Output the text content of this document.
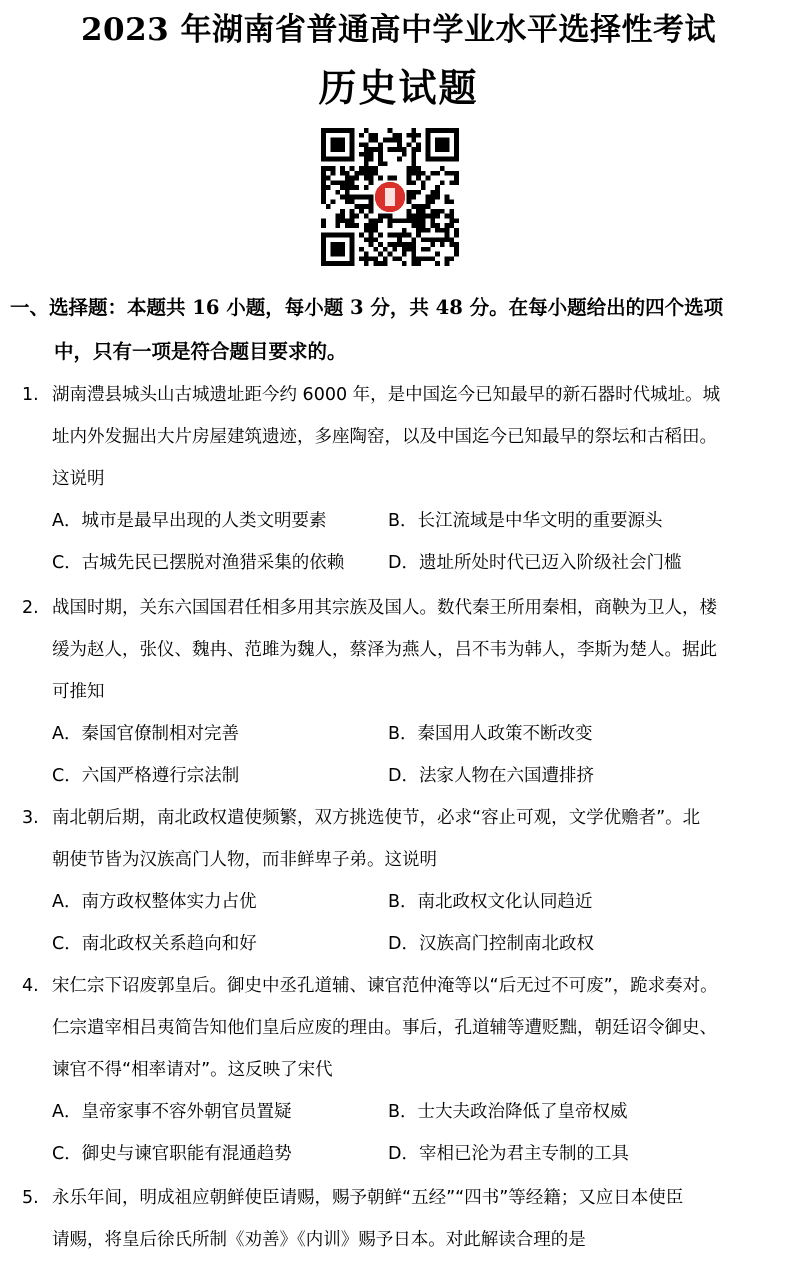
2023 年湖南省普通高中学业水平选择性考试
历史试题
一、选择题：本题共 16 小题，每小题 3 分，共 48 分。在每小题给出的四个选项
中，只有一项是符合题目要求的。
1. 湖南澧县城头山古城遗址距今约 6000 年，是中国迄今已知最早的新石器时代城址。城
址内外发掘出大片房屋建筑遗迹，多座陶窑，以及中国迄今已知最早的祭坛和古稻田。
这说明
A．城市是最早出现的人类文明要素	B．长江流域是中华文明的重要源头
C．古城先民已摆脱对渔猎采集的依赖	D．遗址所处时代已迈入阶级社会门槛
2. 战国时期，关东六国国君任相多用其宗族及国人。数代秦王所用秦相，商鞅为卫人，楼
缓为赵人，张仪、魏冉、范雎为魏人，蔡泽为燕人，吕不韦为韩人，李斯为楚人。据此
可推知
A．秦国官僚制相对完善	B．秦国用人政策不断改变
C．六国严格遵行宗法制	D．法家人物在六国遭排挤
3. 南北朝后期，南北政权遣使频繁，双方挑选使节，必求“容止可观，文学优赡者”。北
朝使节皆为汉族高门人物，而非鲜卑子弟。这说明
A．南方政权整体实力占优	B．南北政权文化认同趋近
C．南北政权关系趋向和好	D．汉族高门控制南北政权
4. 宋仁宗下诏废郭皇后。御史中丞孔道辅、谏官范仲淹等以“后无过不可废”，跪求奏对。
仁宗遣宰相吕夷简告知他们皇后应废的理由。事后，孔道辅等遭贬黜，朝廷诏令御史、
谏官不得“相率请对”。这反映了宋代
A．皇帝家事不容外朝官员置疑	B．士大夫政治降低了皇帝权威
C．御史与谏官职能有混通趋势	D．宰相已沦为君主专制的工具
5. 永乐年间，明成祖应朝鲜使臣请赐，赐予朝鲜“五经”“四书”等经籍；又应日本使臣
请赐，将皇后徐氏所制《劝善》《内训》赐予日本。对此解读合理的是
